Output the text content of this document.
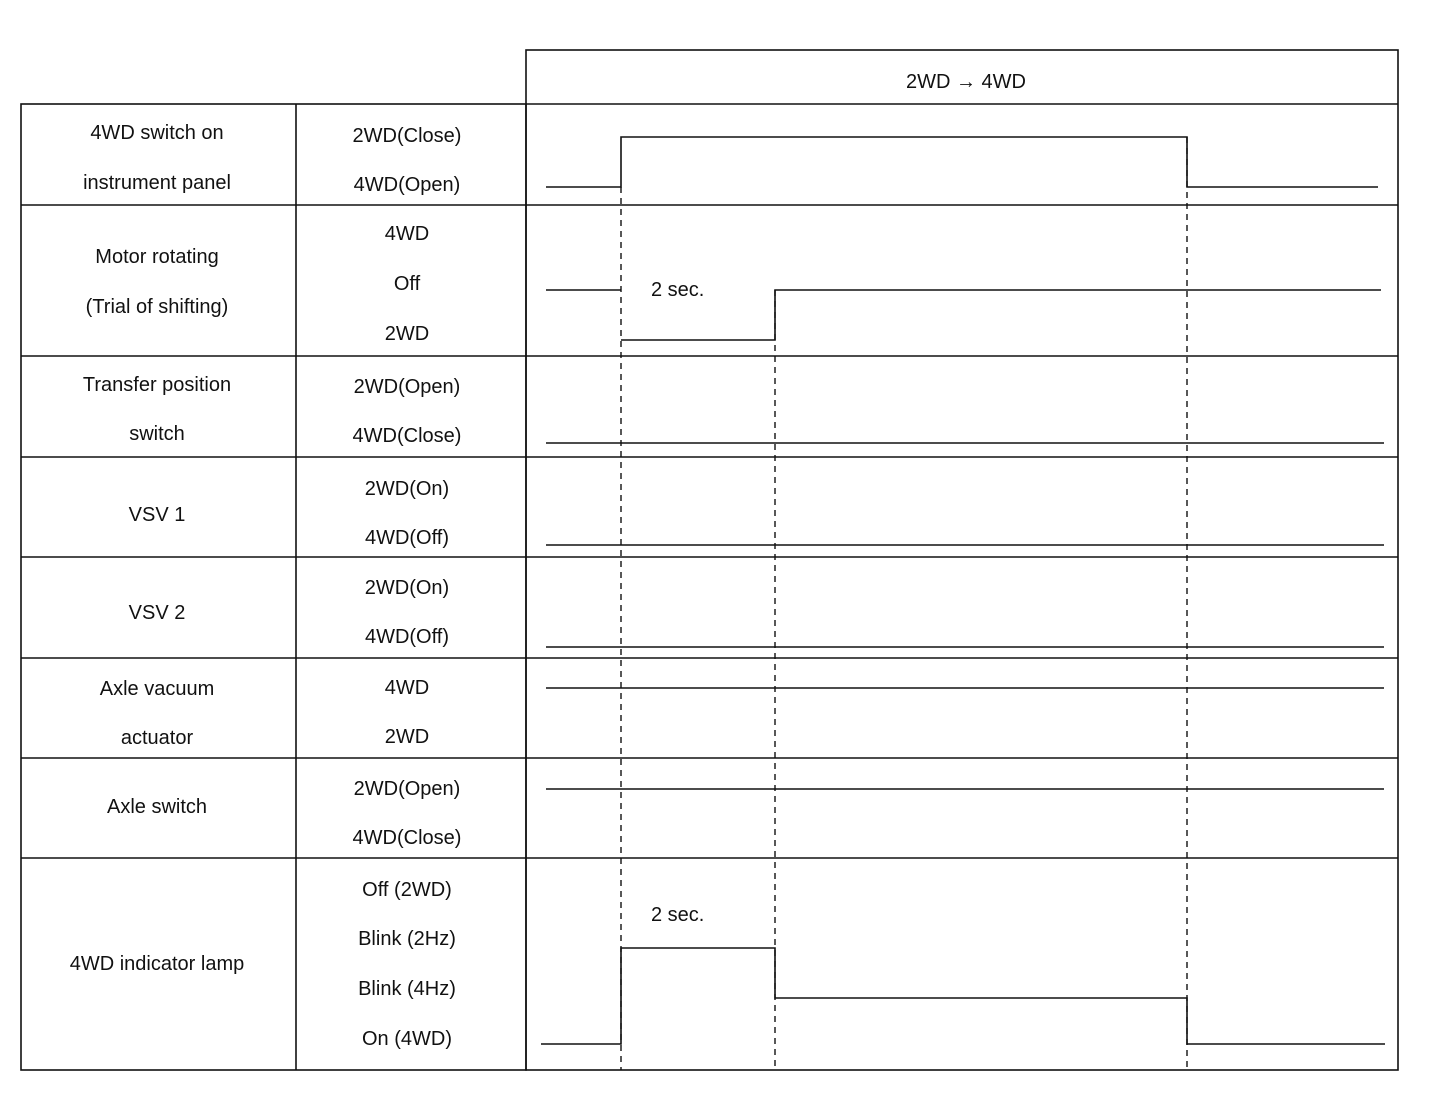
2WD → 4WD
4WD switch on
instrument panel
Motor rotating
(Trial of shifting)
Transfer position
switch
VSV 1
VSV 2
Axle vacuum
actuator
Axle switch
4WD indicator lamp
2WD(Close)
4WD(Open)
4WD
Off
2WD
2WD(Open)
4WD(Close)
2WD(On)
4WD(Off)
2WD(On)
4WD(Off)
4WD
2WD
2WD(Open)
4WD(Close)
Off (2WD)
Blink (2Hz)
Blink (4Hz)
On (4WD)
2 sec.
2 sec.
